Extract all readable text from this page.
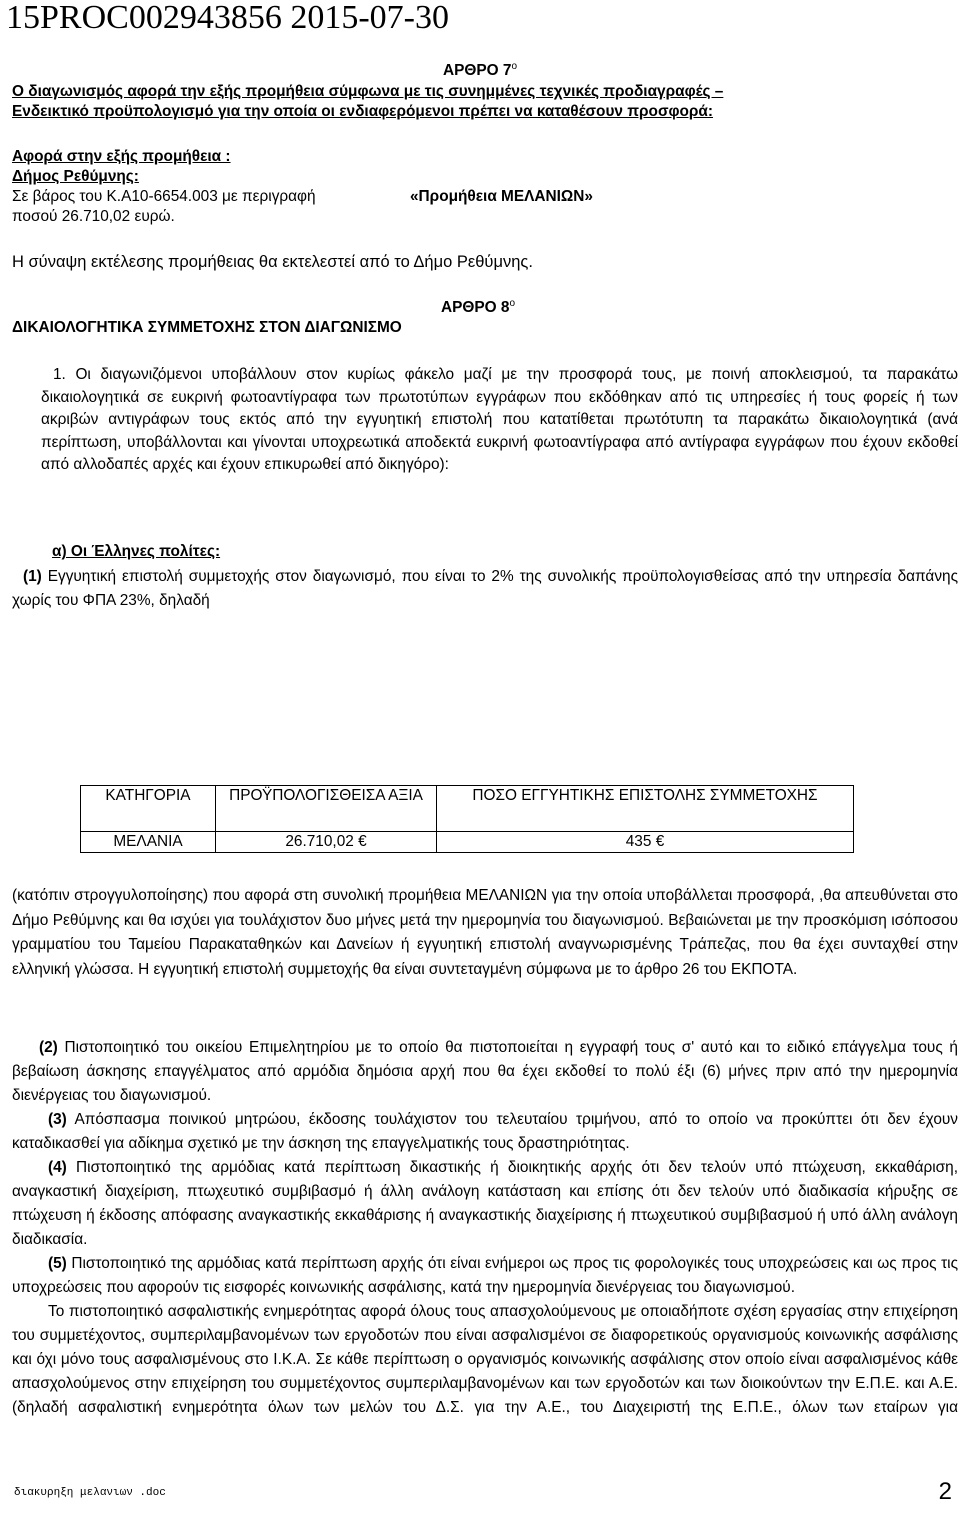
15PROC002943856 2015-07-30
ΑΡΘΡΟ $7^o$
Ο διαγωνισμός αφορά την εξής προμήθεια σύμφωνα με τις συνημμένες τεχνικές προδιαγραφές –
Ενδεικτικό προϋπολογισμό για την οποία οι ενδιαφερόμενοι πρέπει να καταθέσουν προσφορά:
Αφορά στην εξής προμήθεια :
Δήμος Ρεθύμνης:
Σε βάρος του Κ.Α10-6654.003 με περιγραφή	«Προμήθεια ΜΕΛΑΝΙΩΝ»
ποσού 26.710,02 ευρώ.
Η σύναψη εκτέλεσης προμήθειας θα εκτελεστεί από το Δήμο Ρεθύμνης.
ΑΡΘΡΟ $8^o$
ΔΙΚΑΙΟΛΟΓΗΤΙΚΑ ΣΥΜΜΕΤΟΧΗΣ ΣΤΟΝ ΔΙΑΓΩΝΙΣΜΟ

1. Οι διαγωνιζόμενοι υποβάλλουν στον κυρίως φάκελο μαζί με την προσφορά τους, με ποινή αποκλεισμού, τα παρακάτω δικαιολογητικά σε ευκρινή φωτοαντίγραφα των πρωτοτύπων εγγράφων που εκδόθηκαν από τις υπηρεσίες ή τους φορείς ή των ακριβών αντιγράφων τους εκτός από την εγγυητική επιστολή που κατατίθεται πρωτότυπη τα παρακάτω δικαιολογητικά (ανά περίπτωση, υποβάλλονται και γίνονται υποχρεωτικά αποδεκτά ευκρινή φωτοαντίγραφα από αντίγραφα εγγράφων που έχουν εκδοθεί από αλλοδαπές αρχές και έχουν επικυρωθεί από δικηγόρο):

α) Οι Έλληνες πολίτες:

(1) Εγγυητική επιστολή συμμετοχής στον διαγωνισμό, που είναι το 2% της συνολικής προϋπολογισθείσας από την υπηρεσία δαπάνης χωρίς του ΦΠΑ 23%, δηλαδή

ΚΑΤΗΓΟΡΙΑ	ΠΡΟΫΠΟΛΟΓΙΣΘΕΙΣΑ ΑΞΙΑ	ΠΟΣΟ ΕΓΓΥΗΤΙΚΗΣ ΕΠΙΣΤΟΛΗΣ ΣΥΜΜΕΤΟΧΗΣ
ΜΕΛΑΝΙΑ	26.710,02 €	435 €

(κατόπιν στρογγυλοποίησης) που αφορά στη συνολική προμήθεια ΜΕΛΑΝΙΩΝ για την οποία υποβάλλεται προσφορά, ,θα απευθύνεται στο Δήμο Ρεθύμνης και θα ισχύει για τουλάχιστον δυο μήνες μετά την ημερομηνία του διαγωνισμού. Βεβαιώνεται με την προσκόμιση ισόποσου γραμματίου του Ταμείου Παρακαταθηκών και Δανείων ή εγγυητική επιστολή αναγνωρισμένης Τράπεζας, που θα έχει συνταχθεί στην ελληνική γλώσσα. Η εγγυητική επιστολή συμμετοχής θα είναι συντεταγμένη σύμφωνα με το άρθρο 26 του ΕΚΠΟΤΑ.

(2) Πιστοποιητικό του οικείου Επιμελητηρίου με το οποίο θα πιστοποιείται η εγγραφή τους σ' αυτό και το ειδικό επάγγελμα τους ή βεβαίωση άσκησης επαγγέλματος από αρμόδια δημόσια αρχή που θα έχει εκδοθεί το πολύ έξι (6) μήνες πριν από την ημερομηνία διενέργειας του διαγωνισμού.

(3) Απόσπασμα ποινικού μητρώου, έκδοσης τουλάχιστον του τελευταίου τριμήνου, από το οποίο να προκύπτει ότι δεν έχουν καταδικασθεί για αδίκημα σχετικό με την άσκηση της επαγγελματικής τους δραστηριότητας.

(4) Πιστοποιητικό της αρμόδιας κατά περίπτωση δικαστικής ή διοικητικής αρχής ότι δεν τελούν υπό πτώχευση, εκκαθάριση, αναγκαστική διαχείριση, πτωχευτικό συμβιβασμό ή άλλη ανάλογη κατάσταση και επίσης ότι δεν τελούν υπό διαδικασία κήρυξης σε πτώχευση ή έκδοσης απόφασης αναγκαστικής εκκαθάρισης ή αναγκαστικής διαχείρισης ή πτωχευτικού συμβιβασμού ή υπό άλλη ανάλογη διαδικασία.

(5) Πιστοποιητικό της αρμόδιας κατά περίπτωση αρχής ότι είναι ενήμεροι ως προς τις φορολογικές τους υποχρεώσεις και ως προς τις υποχρεώσεις που αφορούν τις εισφορές κοινωνικής ασφάλισης, κατά την ημερομηνία διενέργειας του διαγωνισμού.

Το πιστοποιητικό ασφαλιστικής ενημερότητας αφορά όλους τους απασχολούμενους με οποιαδήποτε σχέση εργασίας στην επιχείρηση του συμμετέχοντος, συμπεριλαμβανομένων των εργοδοτών που είναι ασφαλισμένοι σε διαφορετικούς οργανισμούς κοινωνικής ασφάλισης και όχι μόνο τους ασφαλισμένους στο Ι.Κ.Α. Σε κάθε περίπτωση ο οργανισμός κοινωνικής ασφάλισης στον οποίο είναι ασφαλισμένος κάθε απασχολούμενος στην επιχείρηση του συμμετέχοντος συμπεριλαμβανομένων και των εργοδοτών και των διοικούντων την Ε.Π.Ε. και Α.Ε. (δηλαδή ασφαλιστική ενημερότητα όλων των μελών του Δ.Σ. για την Α.Ε., του Διαχειριστή της Ε.Π.Ε., όλων των εταίρων για

διακυρηξη μελανιων .doc	2
